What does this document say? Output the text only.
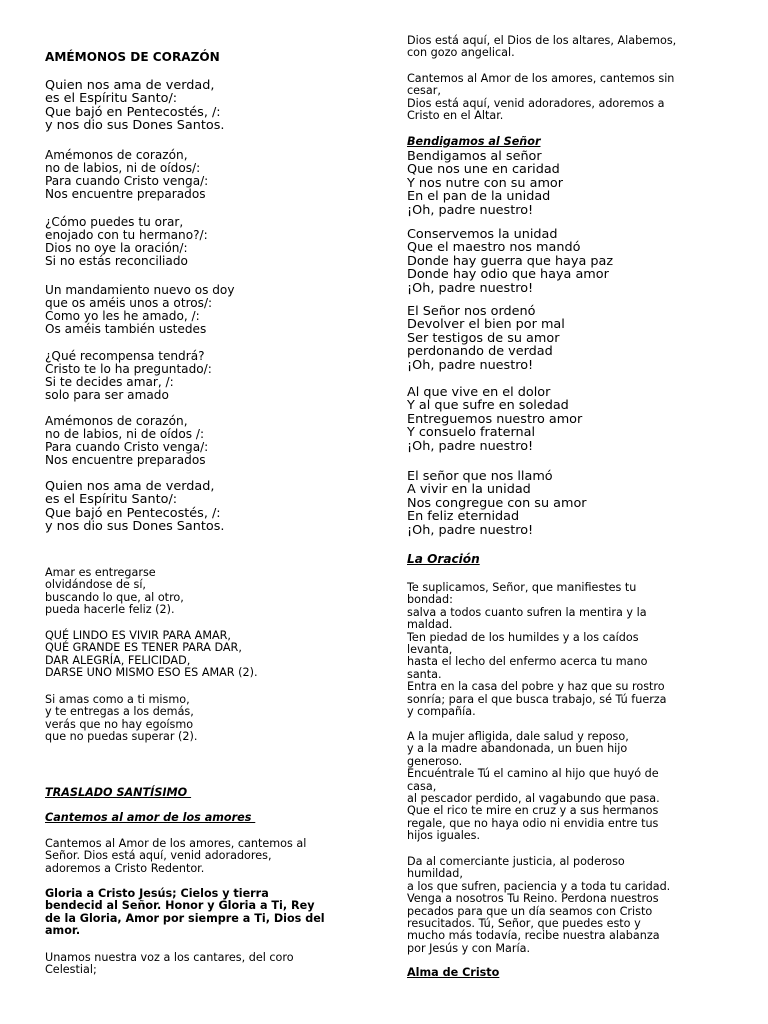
AMÉMONOS DE CORAZÓN
Quien nos ama de verdad,
es el Espíritu Santo/:
Que bajó en Pentecostés, /:
y nos dio sus Dones Santos.
Amémonos de corazón,
no de labios, ni de oídos/:
Para cuando Cristo venga/:
Nos encuentre preparados
¿Cómo puedes tu orar,
enojado con tu hermano?/:
Dios no oye la oración/:
Si no estás reconciliado
Un mandamiento nuevo os doy
que os améis unos a otros/:
Como yo les he amado, /:
Os améis también ustedes
¿Qué recompensa tendrá?
Cristo te lo ha preguntado/:
Si te decides amar, /:
solo para ser amado
Amémonos de corazón,
no de labios, ni de oídos /:
Para cuando Cristo venga/:
Nos encuentre preparados
Quien nos ama de verdad,
es el Espíritu Santo/:
Que bajó en Pentecostés, /:
y nos dio sus Dones Santos.
Amar es entregarse
olvidándose de sí,
buscando lo que, al otro,
pueda hacerle feliz (2).
QUÉ LINDO ES VIVIR PARA AMAR,
QUÉ GRANDE ES TENER PARA DAR,
DAR ALEGRÍA, FELICIDAD,
DARSE UNO MISMO ESO ES AMAR (2).
Si amas como a ti mismo,
y te entregas a los demás,
verás que no hay egoísmo
que no puedas superar (2).
TRASLADO SANTÍSIMO
Cantemos al amor de los amores
Cantemos al Amor de los amores, cantemos al
Señor. Dios está aquí, venid adoradores,
adoremos a Cristo Redentor.
Gloria a Cristo Jesús; Cielos y tierra
bendecid al Señor. Honor y Gloria a Ti, Rey
de la Gloria, Amor por siempre a Ti, Dios del
amor.
Unamos nuestra voz a los cantares, del coro
Celestial;
Dios está aquí, el Dios de los altares, Alabemos,
con gozo angelical.
Cantemos al Amor de los amores, cantemos sin
cesar,
Dios está aquí, venid adoradores, adoremos a
Cristo en el Altar.
Bendigamos al Señor
Bendigamos al señor
Que nos une en caridad
Y nos nutre con su amor
En el pan de la unidad
¡Oh, padre nuestro!
Conservemos la unidad
Que el maestro nos mandó
Donde hay guerra que haya paz
Donde hay odio que haya amor
¡Oh, padre nuestro!
El Señor nos ordenó
Devolver el bien por mal
Ser testigos de su amor
perdonando de verdad
¡Oh, padre nuestro!
Al que vive en el dolor
Y al que sufre en soledad
Entreguemos nuestro amor
Y consuelo fraternal
¡Oh, padre nuestro!
El señor que nos llamó
A vivir en la unidad
Nos congregue con su amor
En feliz eternidad
¡Oh, padre nuestro!
La Oración
Te suplicamos, Señor, que manifiestes tu
bondad:
salva a todos cuanto sufren la mentira y la
maldad.
Ten piedad de los humildes y a los caídos
levanta,
hasta el lecho del enfermo acerca tu mano
santa.
Entra en la casa del pobre y haz que su rostro
sonría; para el que busca trabajo, sé Tú fuerza
y compañía.
A la mujer afligida, dale salud y reposo,
y a la madre abandonada, un buen hijo
generoso.
Encuéntrale Tú el camino al hijo que huyó de
casa,
al pescador perdido, al vagabundo que pasa.
Que el rico te mire en cruz y a sus hermanos
regale, que no haya odio ni envidia entre tus
hijos iguales.
Da al comerciante justicia, al poderoso
humildad,
a los que sufren, paciencia y a toda tu caridad.
Venga a nosotros Tu Reino. Perdona nuestros
pecados para que un día seamos con Cristo
resucitados. Tú, Señor, que puedes esto y
mucho más todavía, recibe nuestra alabanza
por Jesús y con María.
Alma de Cristo
